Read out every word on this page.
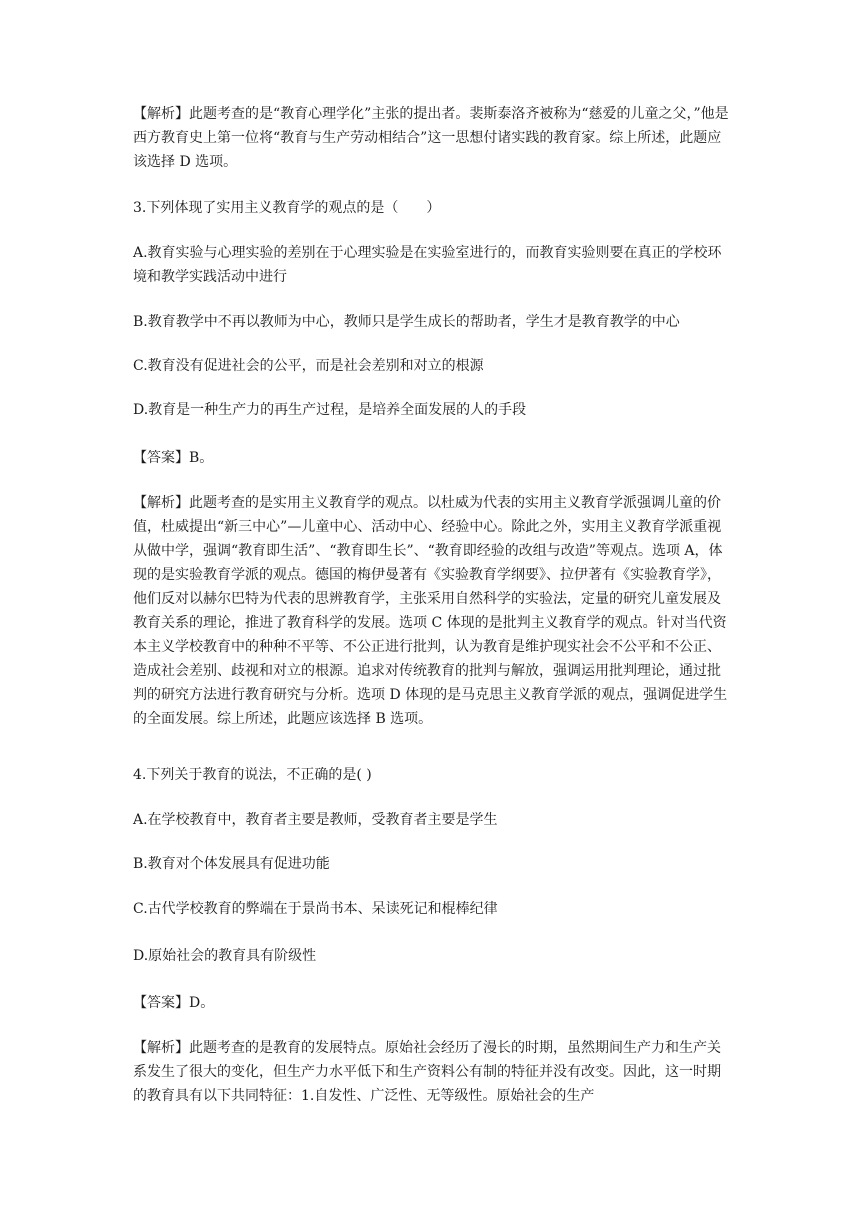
【解析】此题考查的是“教育心理学化”主张的提出者。裴斯泰洛齐被称为“慈爱的儿童之父，”他是西方教育史上第一位将“教育与生产劳动相结合”这一思想付诸实践的教育家。综上所述，此题应该选择 D 选项。

3.下列体现了实用主义教育学的观点的是（　　）

A.教育实验与心理实验的差别在于心理实验是在实验室进行的，而教育实验则要在真正的学校环境和教学实践活动中进行

B.教育教学中不再以教师为中心，教师只是学生成长的帮助者，学生才是教育教学的中心

C.教育没有促进社会的公平，而是社会差别和对立的根源

D.教育是一种生产力的再生产过程，是培养全面发展的人的手段

【答案】B。

【解析】此题考查的是实用主义教育学的观点。以杜威为代表的实用主义教育学派强调儿童的价值，杜威提出“新三中心”—儿童中心、活动中心、经验中心。除此之外，实用主义教育学派重视从做中学，强调“教育即生活”、“教育即生长”、“教育即经验的改组与改造”等观点。选项 A，体现的是实验教育学派的观点。德国的梅伊曼著有《实验教育学纲要》、拉伊著有《实验教育学》，他们反对以赫尔巴特为代表的思辨教育学，主张采用自然科学的实验法，定量的研究儿童发展及教育关系的理论，推进了教育科学的发展。选项 C 体现的是批判主义教育学的观点。针对当代资本主义学校教育中的种种不平等、不公正进行批判，认为教育是维护现实社会不公平和不公正、造成社会差别、歧视和对立的根源。追求对传统教育的批判与解放，强调运用批判理论，通过批判的研究方法进行教育研究与分析。选项 D 体现的是马克思主义教育学派的观点，强调促进学生的全面发展。综上所述，此题应该选择 B 选项。

4.下列关于教育的说法，不正确的是( )

A.在学校教育中，教育者主要是教师，受教育者主要是学生

B.教育对个体发展具有促进功能

C.古代学校教育的弊端在于景尚书本、呆读死记和棍棒纪律

D.原始社会的教育具有阶级性

【答案】D。

【解析】此题考查的是教育的发展特点。原始社会经历了漫长的时期，虽然期间生产力和生产关系发生了很大的变化，但生产力水平低下和生产资料公有制的特征并没有改变。因此，这一时期的教育具有以下共同特征：1.自发性、广泛性、无等级性。原始社会的生产
